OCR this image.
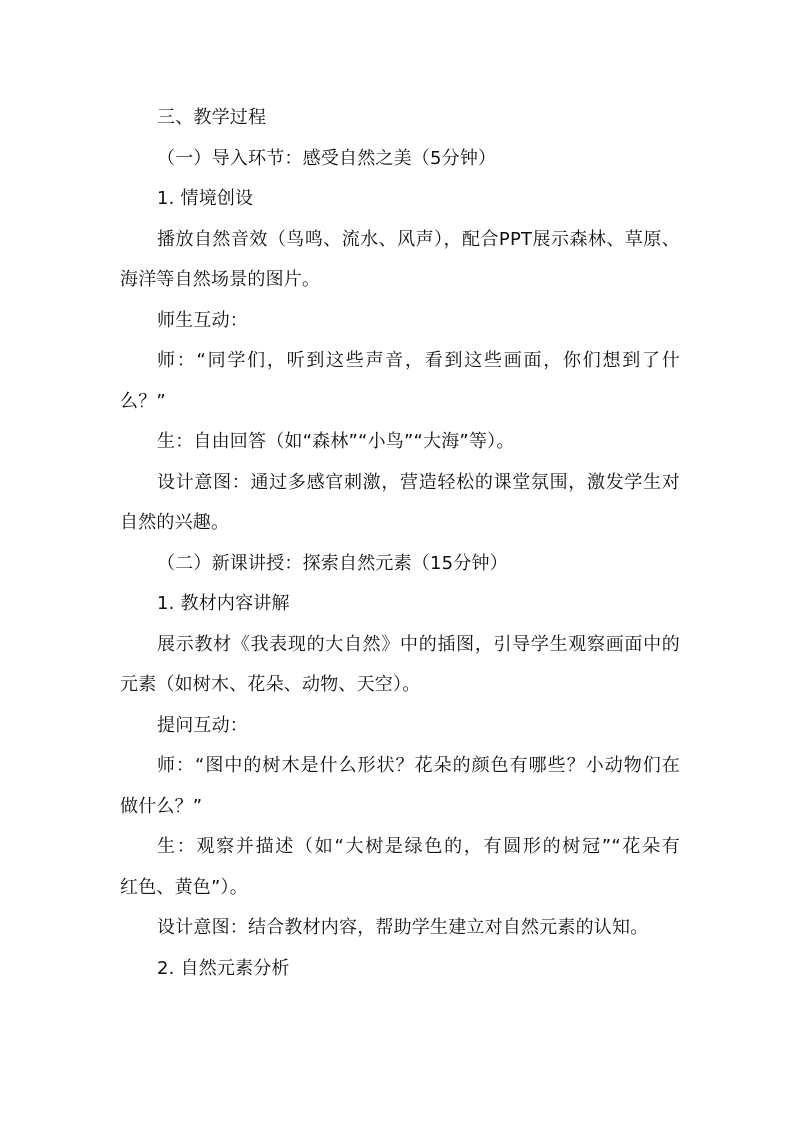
三、教学过程
（一）导入环节：感受自然之美（5分钟）
1. 情境创设
播放自然音效（鸟鸣、流水、风声），配合PPT展示森林、草原、
海洋等自然场景的图片。
师生互动：
师：“同学们，听到这些声音，看到这些画面，你们想到了什
么？”
生：自由回答（如“森林”“小鸟”“大海”等）。
设计意图：通过多感官刺激，营造轻松的课堂氛围，激发学生对
自然的兴趣。
（二）新课讲授：探索自然元素（15分钟）
1. 教材内容讲解
展示教材《我表现的大自然》中的插图，引导学生观察画面中的
元素（如树木、花朵、动物、天空）。
提问互动：
师：“图中的树木是什么形状？花朵的颜色有哪些？小动物们在
做什么？”
生：观察并描述（如“大树是绿色的，有圆形的树冠”“花朵有
红色、黄色”）。
设计意图：结合教材内容，帮助学生建立对自然元素的认知。
2. 自然元素分析
